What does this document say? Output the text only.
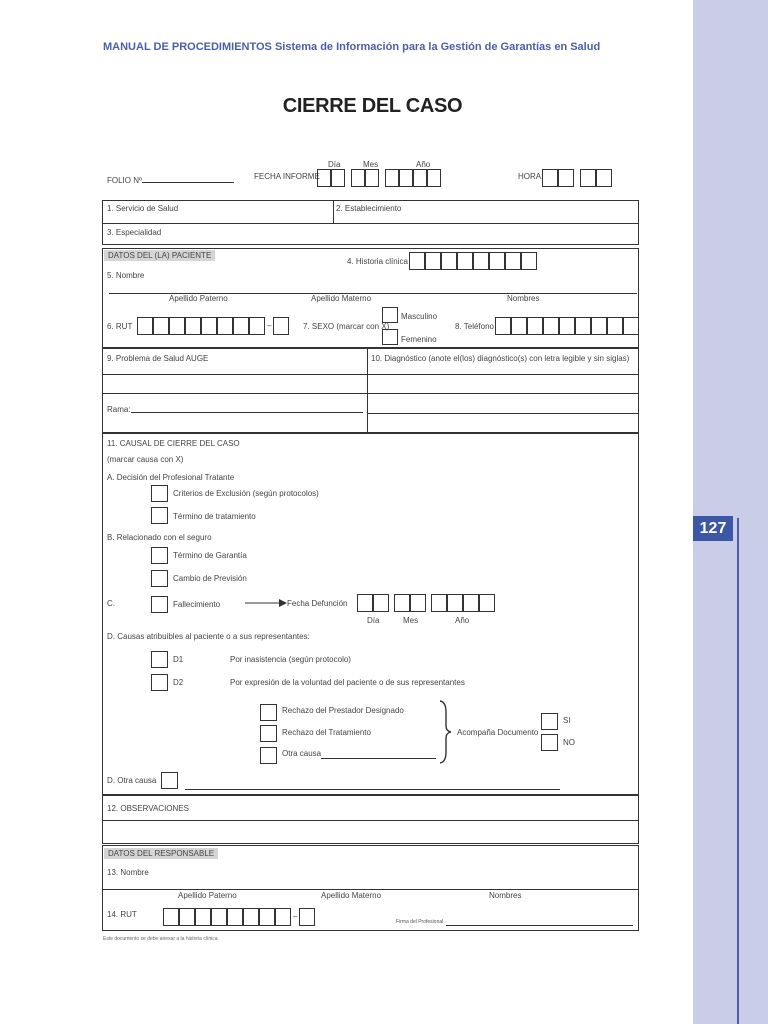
127
MANUAL DE PROCEDIMIENTOS Sistema de Información para la Gestión de Garantías en Salud
CIERRE DEL CASO
FOLIO Nº	FECHA INFORME
Día	Mes	Año
HORA:
1. Servicio de Salud	2. Establecimiento
3. Especialidad
DATOS DEL (LA) PACIENTE
4. Historia clínica
5. Nombre
Apellido Paterno	Apellido Materno	Nombres
6. RUT	–	7. SEXO (marcar con X)
Masculino
Femenino
8. Teléfono
9. Problema de Salud AUGE	10. Diagnóstico (anote el(los) diagnóstico(s) con letra legible y sin siglas)
Rama:
11. CAUSAL DE CIERRE DEL CASO
(marcar causa con X)
A. Decisión del Profesional Tratante
Criterios de Exclusión (según protocolos)
Término de tratamiento
B. Relacionado con el seguro
Término de Garantía
Cambio de Previsión
C.	Fallecimiento	Fecha Defunción
Día	Mes	Año
D. Causas atribuibles al paciente o a sus representantes:
D1	Por inasistencia (según protocolo)
D2	Por expresión de la voluntad del paciente o de sus representantes
Rechazo del Prestador Designado
Rechazo del Tratamiento
Otra causa
Acompaña Documento
SI
NO
D. Otra causa
12. OBSERVACIONES
DATOS DEL RESPONSABLE
13. Nombre
Apellido Paterno	Apellido Materno	Nombres
14. RUT	–
Firma del Profesional
Este documento se debe anexar a la historia clínica
